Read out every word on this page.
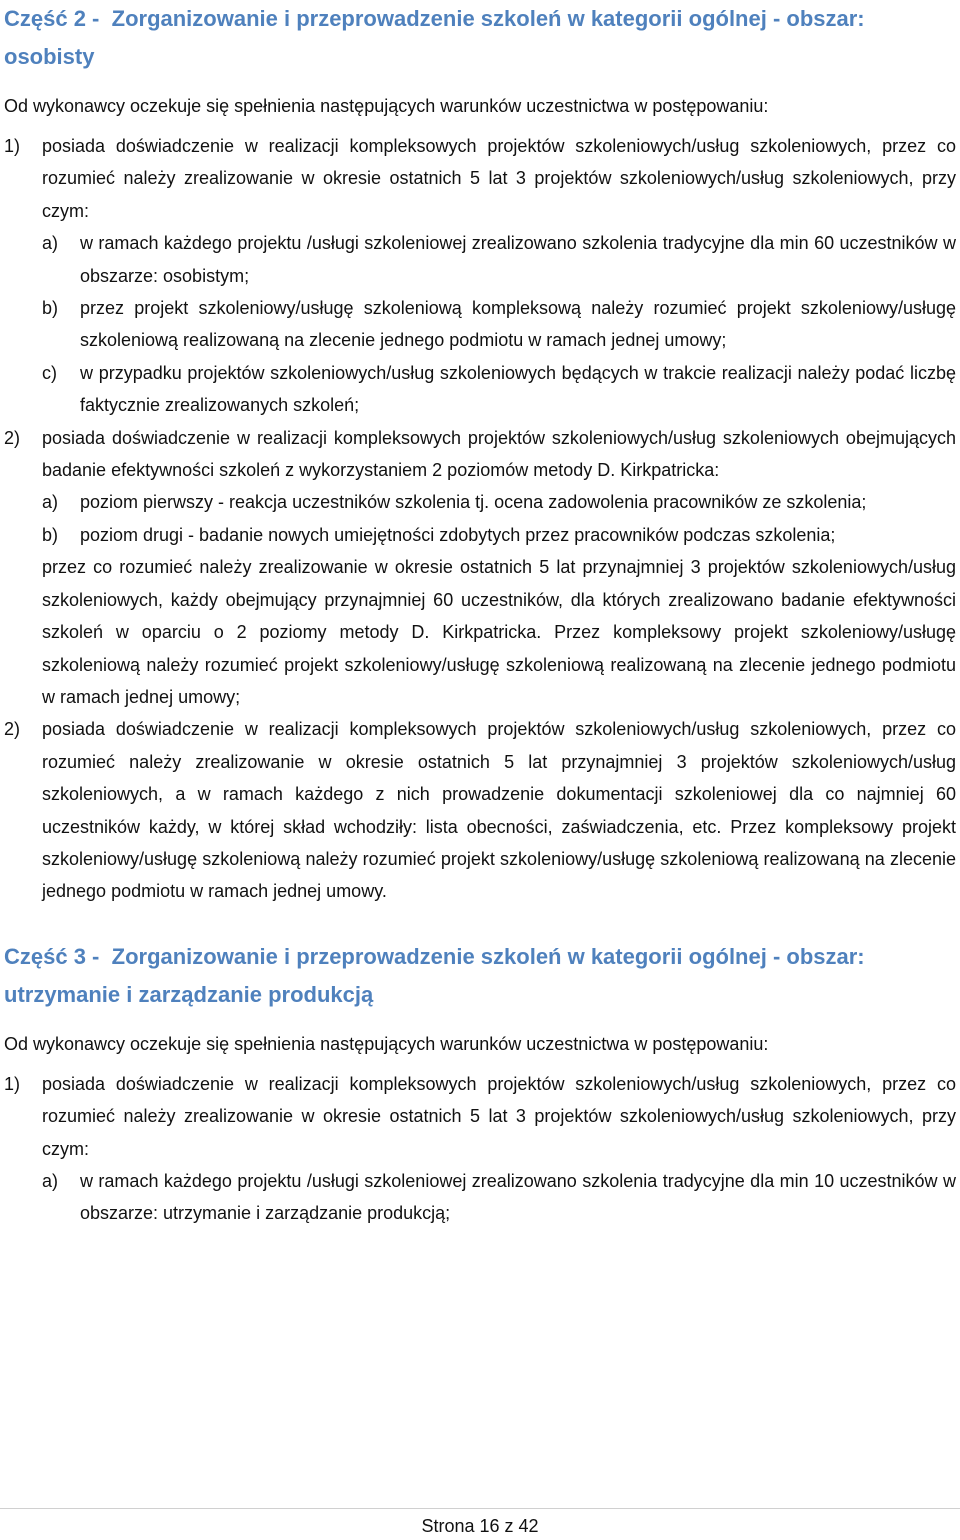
Część 2 - Zorganizowanie i przeprowadzenie szkoleń w kategorii ogólnej - obszar: osobisty

Od wykonawcy oczekuje się spełnienia następujących warunków uczestnictwa w postępowaniu:

1) posiada doświadczenie w realizacji kompleksowych projektów szkoleniowych/usług szkoleniowych, przez co rozumieć należy zrealizowanie w okresie ostatnich 5 lat 3 projektów szkoleniowych/usług szkoleniowych, przy czym:
a) w ramach każdego projektu /usługi szkoleniowej zrealizowano szkolenia tradycyjne dla min 60 uczestników w obszarze: osobistym;
b) przez projekt szkoleniowy/usługę szkoleniową kompleksową należy rozumieć projekt szkoleniowy/usługę szkoleniową realizowaną na zlecenie jednego podmiotu w ramach jednej umowy;
c) w przypadku projektów szkoleniowych/usług szkoleniowych będących w trakcie realizacji należy podać liczbę faktycznie zrealizowanych szkoleń;
2) posiada doświadczenie w realizacji kompleksowych projektów szkoleniowych/usług szkoleniowych obejmujących badanie efektywności szkoleń z wykorzystaniem 2 poziomów metody D. Kirkpatricka:
a) poziom pierwszy - reakcja uczestników szkolenia tj. ocena zadowolenia pracowników ze szkolenia;
b) poziom drugi - badanie nowych umiejętności zdobytych przez pracowników podczas szkolenia;
przez co rozumieć należy zrealizowanie w okresie ostatnich 5 lat przynajmniej 3 projektów szkoleniowych/usług szkoleniowych, każdy obejmujący przynajmniej 60 uczestników, dla których zrealizowano badanie efektywności szkoleń w oparciu o 2 poziomy metody D. Kirkpatricka. Przez kompleksowy projekt szkoleniowy/usługę szkoleniową należy rozumieć projekt szkoleniowy/usługę szkoleniową realizowaną na zlecenie jednego podmiotu w ramach jednej umowy;
2) posiada doświadczenie w realizacji kompleksowych projektów szkoleniowych/usług szkoleniowych, przez co rozumieć należy zrealizowanie w okresie ostatnich 5 lat przynajmniej 3 projektów szkoleniowych/usług szkoleniowych, a w ramach każdego z nich prowadzenie dokumentacji szkoleniowej dla co najmniej 60 uczestników każdy, w której skład wchodziły: lista obecności, zaświadczenia, etc. Przez kompleksowy projekt szkoleniowy/usługę szkoleniową należy rozumieć projekt szkoleniowy/usługę szkoleniową realizowaną na zlecenie jednego podmiotu w ramach jednej umowy.
Część 3 - Zorganizowanie i przeprowadzenie szkoleń w kategorii ogólnej - obszar: utrzymanie i zarządzanie produkcją

Od wykonawcy oczekuje się spełnienia następujących warunków uczestnictwa w postępowaniu:

1) posiada doświadczenie w realizacji kompleksowych projektów szkoleniowych/usług szkoleniowych, przez co rozumieć należy zrealizowanie w okresie ostatnich 5 lat 3 projektów szkoleniowych/usług szkoleniowych, przy czym:
a) w ramach każdego projektu /usługi szkoleniowej zrealizowano szkolenia tradycyjne dla min 10 uczestników w obszarze: utrzymanie i zarządzanie produkcją;
Strona 16 z 42
